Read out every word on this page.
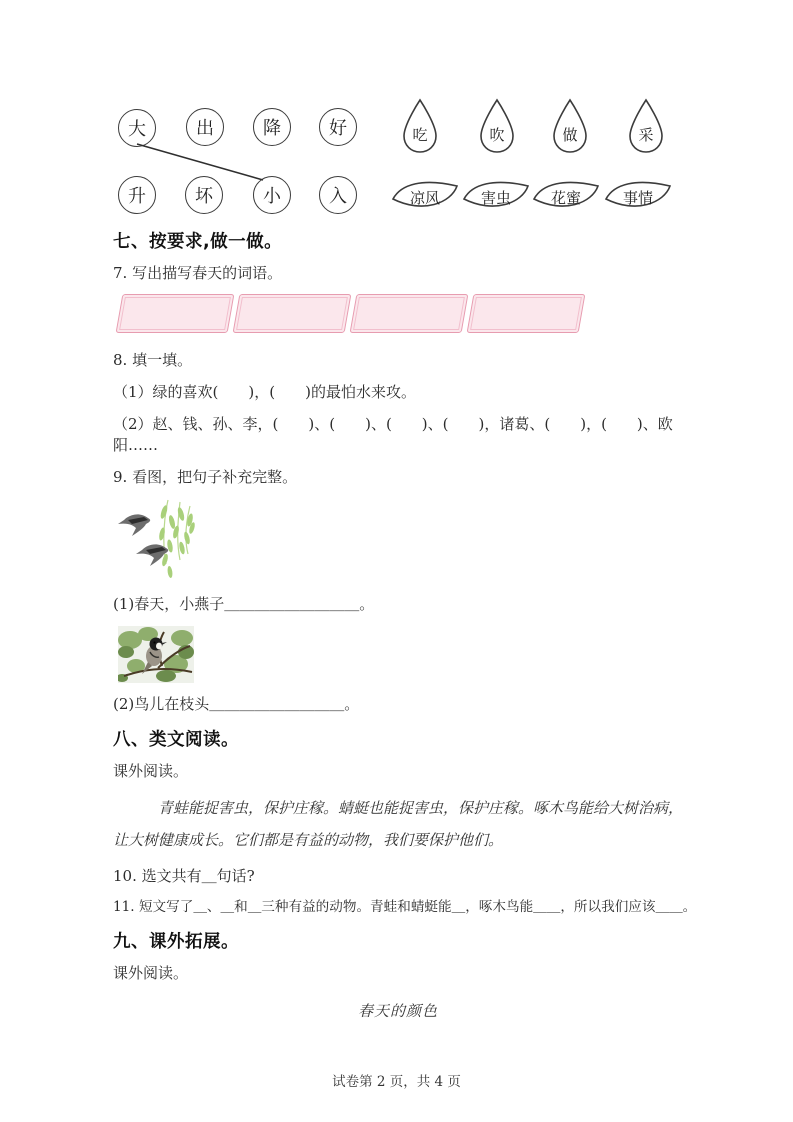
大	出	降	好	吃	吹	做	采
升	坏	小	入	凉风	害虫	花蜜	事情
七、按要求,做一做。

7. 写出描写春天的词语。

8. 填一填。

（1）绿的喜欢(　　)，(　　)的最怕水来攻。

（2）赵、钱、孙、李，(　　)、(　　)、(　　)、(　　)，诸葛、(　　)，(　　)、欧阳……

9. 看图，把句子补充完整。

(1)春天，小燕子＿＿＿＿＿＿＿＿＿。

(2)鸟儿在枝头＿＿＿＿＿＿＿＿＿。

八、类文阅读。

课外阅读。

青蛙能捉害虫，保护庄稼。蜻蜓也能捉害虫，保护庄稼。啄木鸟能给大树治病，让大树健康成长。它们都是有益的动物，我们要保护他们。

10. 选文共有＿句话?

11. 短文写了＿、＿和＿三种有益的动物。青蛙和蜻蜓能＿，啄木鸟能＿＿，所以我们应该＿＿。

九、课外拓展。

课外阅读。

春天的颜色

试卷第 2 页，共 4 页
